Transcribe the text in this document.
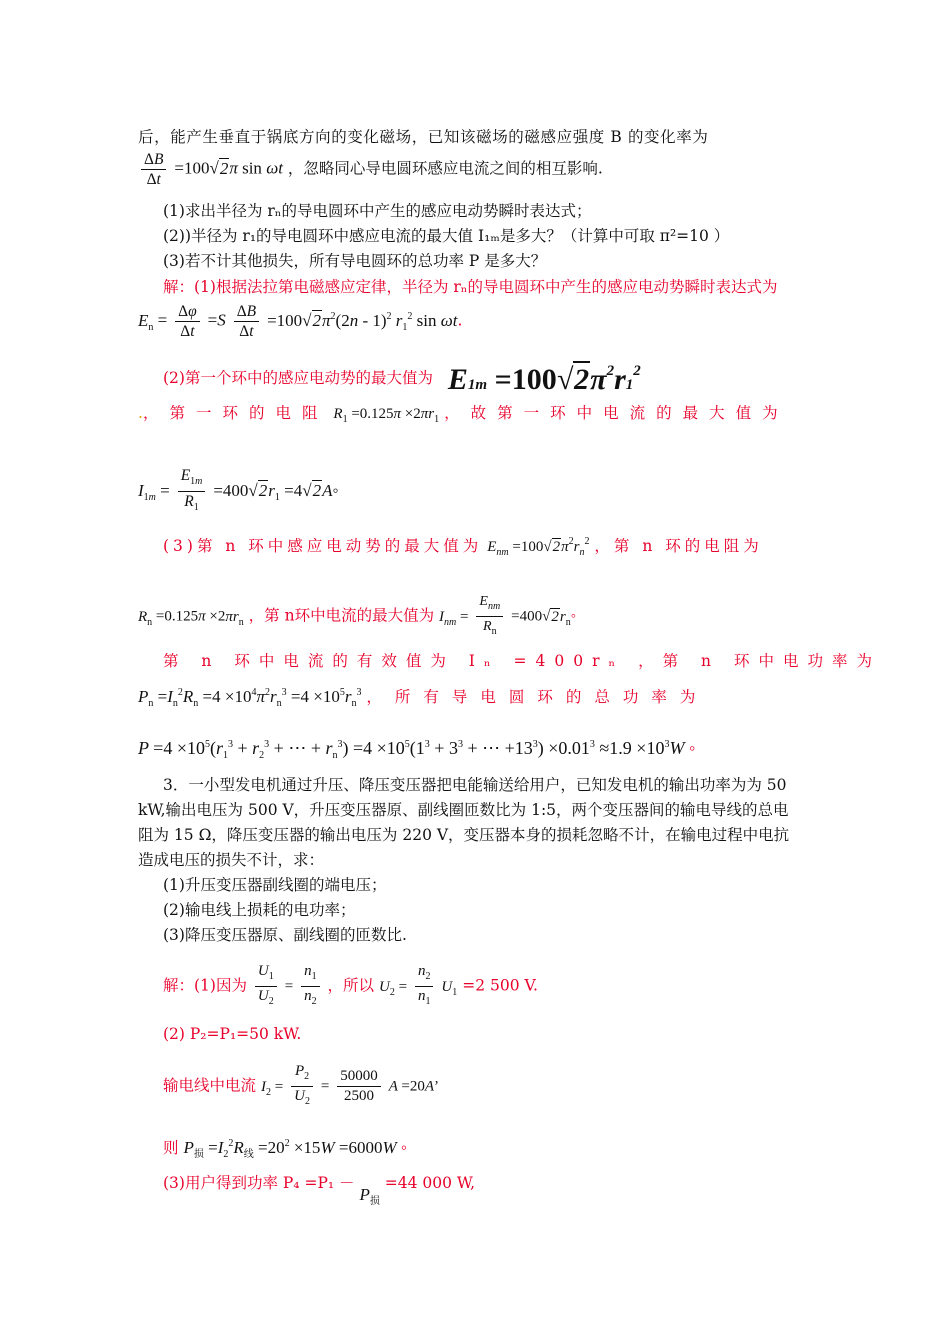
后，能产生垂直于锅底方向的变化磁场，已知该磁场的磁感应强度 B 的变化率为
$\frac{\Delta B}{\Delta t} =100√2\pi$ sin ωt ，忽略同心导电圆环感应电流之间的相互影响.
(1)求出半径为 rₙ的导电圆环中产生的感应电动势瞬时表达式；
(2))半径为 r₁的导电圆环中感应电流的最大值 I₁ₘ是多大？（计算中可取 π²=10 ）
(3)若不计其他损失，所有导电圆环的总功率 P 是多大？
解：(1)根据法拉第电磁感应定律，半径为 rₙ的导电圆环中产生的感应电动势瞬时表达式为
$E_n = \frac{\Delta\varphi}{\Delta t} =S \frac{\Delta B}{\Delta t} =100√2\pi^2(2n - 1)^2$ $r_1^2$ sin ωt.
(2)第一个环中的感应电动势的最大值为 $E1m =100√2\pi^2r1^2$
.，第一环的电阻 $R_1 =0.125\pi \times 2\pi r_1$ ，故第一环中电流的最大值为
$I_{1m} = \frac{E_{1m}}{R_1} =400√2r_1$ =4√2A◦
(3)第 n 环中感应电动势的最大值为 $E_{nm} =100√2\pi^2r_n^2$ ，第 n 环的电阻为
$R_n =0.125\pi \times 2\pi r_n$ ，第 n环中电流的最大值为 $I_{nm} = \frac{E_{nm}}{R_n}$ $=400√2r_n◦$
第 n 环中电流的有效值为 Iₙ =400rₙ ，第 n 环中电功率为
$P_n =I_n^2R_n =4 \times 10^4\pi^2r_n^3 =4 \times 10^5r_n^3$ ，所有导电圆环的总功率为
$P =4 \times 10^5(r_1^3 + r_2^3$ + ⋯ + $r_n^3) =4 \times 10^5(1^3 + 3^3$ + ⋯ $+13^3) \times 0.01^3 \approx 1.9 \times 10^3W$ ◦
3．一小型发电机通过升压、降压变压器把电能输送给用户，已知发电机的输出功率为为 50
kW,输出电压为 500 V，升压变压器原、副线圈匝数比为 1:5，两个变压器间的输电导线的总电
阻为 15 Ω，降压变压器的输出电压为 220 V，变压器本身的损耗忽略不计，在输电过程中电抗
造成电压的损失不计，求：
(1)升压变压器副线圈的端电压；
(2)输电线上损耗的电功率；
(3)降压变压器原、副线圈的匝数比.
解：(1)因为 $\frac{U_1}{U_2} = \frac{n_1}{n_2}$ ，所以 $U_2 = \frac{n_2}{n_1} U_1 =2$ 500 V.
(2) P₂=P₁=50 kW.
输电线中电流 $I_2 = \frac{P_2}{U_2} = \frac{50000}{2500}$ A =20A’
则 $P_损 =I_2^2R_线 =20^2 \times 15W =6000W$ ◦
(3)用户得到功率 $P_4 =P_1 - P_损 =44$ 000 W,
